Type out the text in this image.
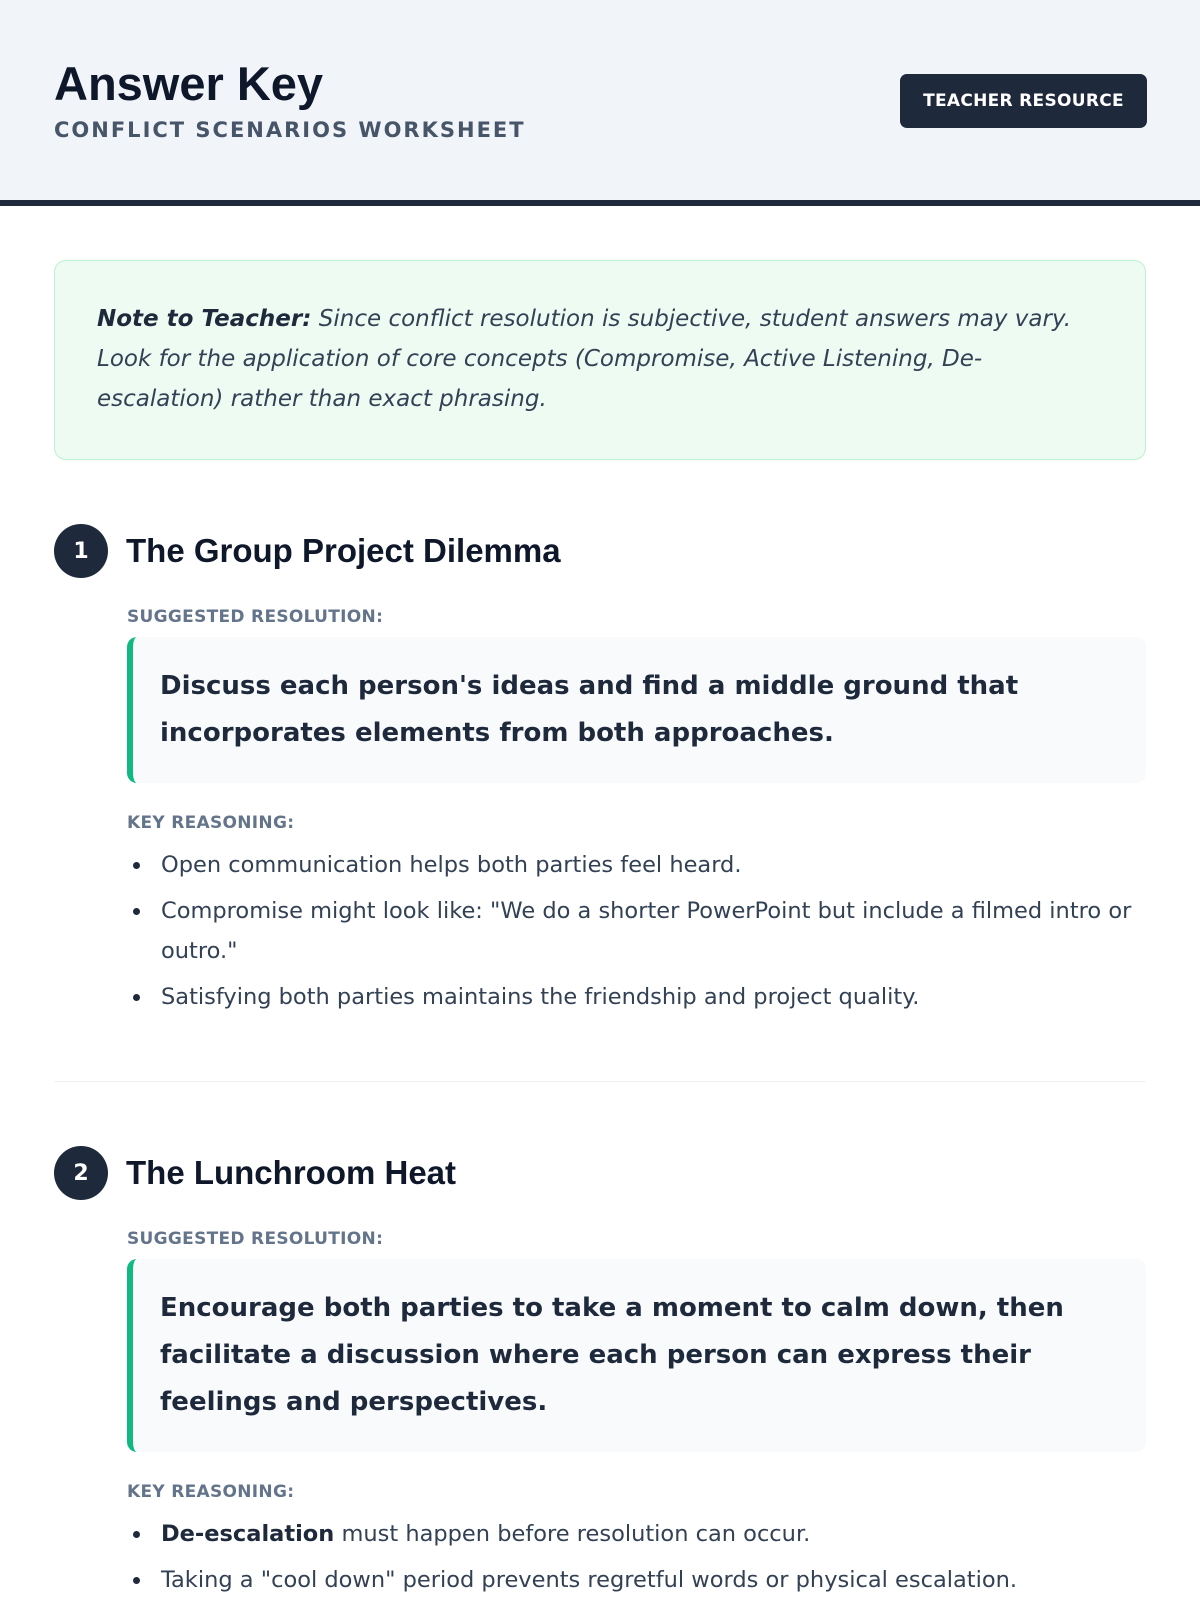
Answer Key
CONFLICT SCENARIOS WORKSHEET
TEACHER RESOURCE
Note to Teacher: Since conflict resolution is subjective, student answers may vary. Look for the application of core concepts (Compromise, Active Listening, De-escalation) rather than exact phrasing.
1	The Group Project Dilemma
SUGGESTED RESOLUTION:
Discuss each person's ideas and find a middle ground that incorporates elements from both approaches.
KEY REASONING:
Open communication helps both parties feel heard.
Compromise might look like: "We do a shorter PowerPoint but include a filmed intro or outro."
Satisfying both parties maintains the friendship and project quality.
2	The Lunchroom Heat
SUGGESTED RESOLUTION:
Encourage both parties to take a moment to calm down, then facilitate a discussion where each person can express their feelings and perspectives.
KEY REASONING:
De-escalation must happen before resolution can occur.
Taking a "cool down" period prevents regretful words or physical escalation.
